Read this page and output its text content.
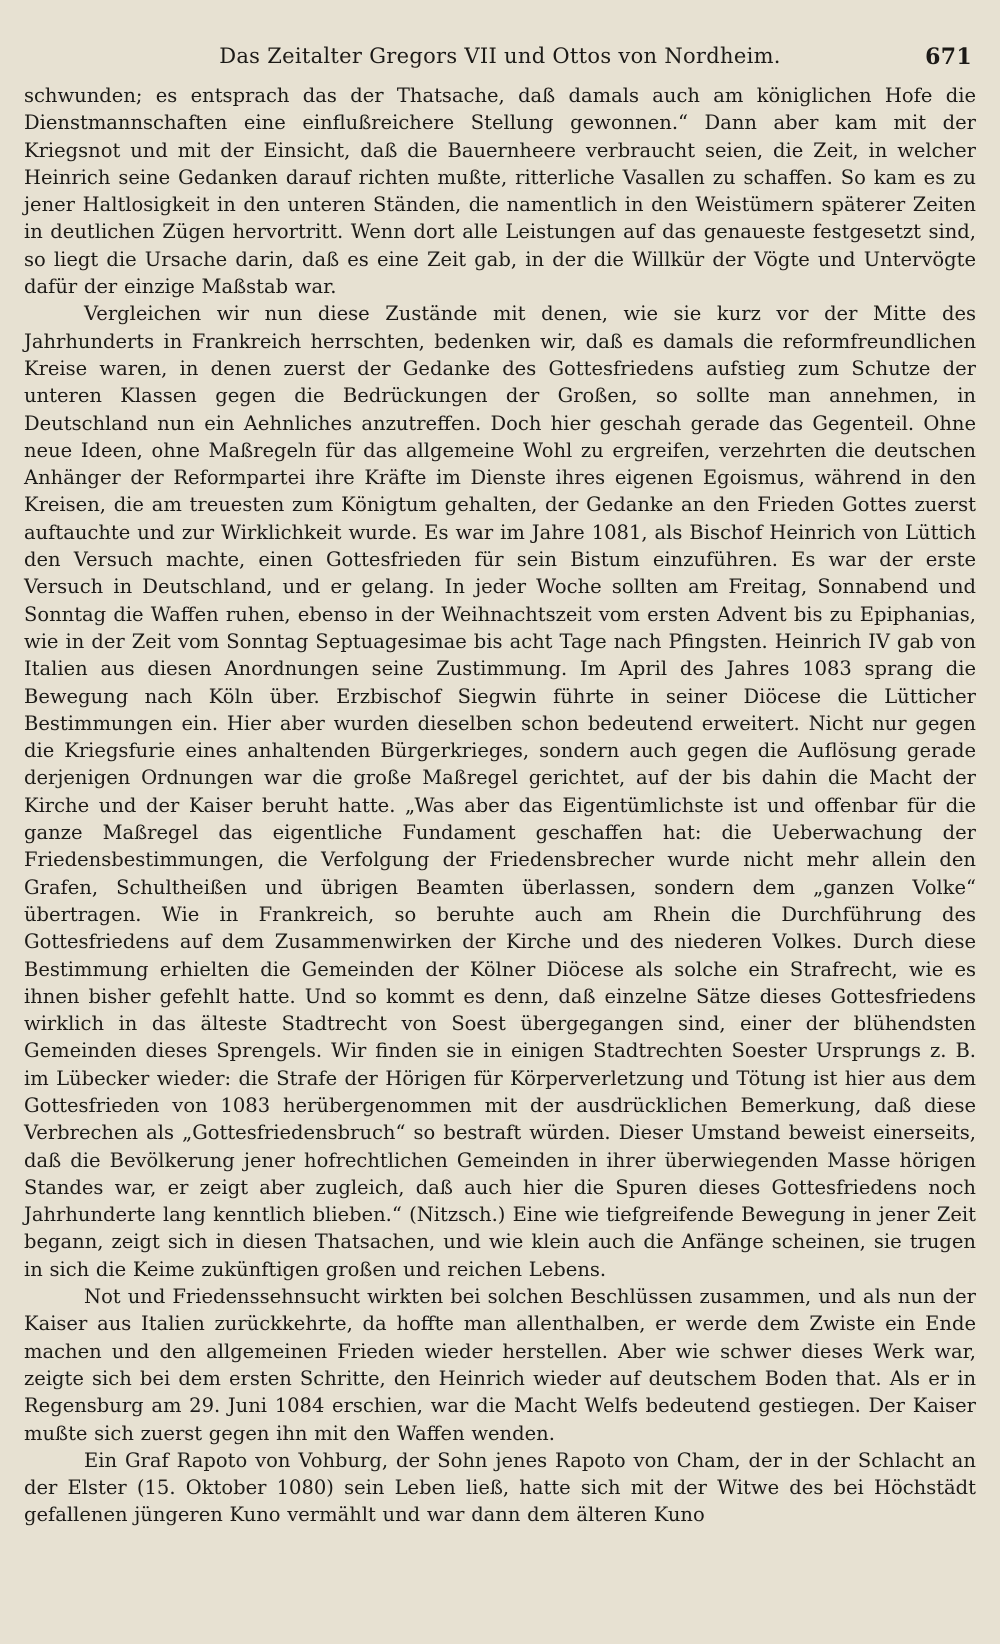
Das Zeitalter Gregors VII und Ottos von Nordheim.	671

schwunden; es entsprach das der Thatsache, daß damals auch am königlichen Hofe die Dienstmannschaften eine einflußreichere Stellung gewonnen.“ Dann aber kam mit der Kriegsnot und mit der Einsicht, daß die Bauernheere verbraucht seien, die Zeit, in welcher Heinrich seine Gedanken darauf richten mußte, ritterliche Vasallen zu schaffen. So kam es zu jener Haltlosigkeit in den unteren Ständen, die namentlich in den Weistümern späterer Zeiten in deutlichen Zügen hervortritt. Wenn dort alle Leistungen auf das genaueste festgesetzt sind, so liegt die Ursache darin, daß es eine Zeit gab, in der die Willkür der Vögte und Untervögte dafür der einzige Maßstab war.

Vergleichen wir nun diese Zustände mit denen, wie sie kurz vor der Mitte des Jahrhunderts in Frankreich herrschten, bedenken wir, daß es damals die reformfreundlichen Kreise waren, in denen zuerst der Gedanke des Gottesfriedens aufstieg zum Schutze der unteren Klassen gegen die Bedrückungen der Großen, so sollte man annehmen, in Deutschland nun ein Aehnliches anzutreffen. Doch hier geschah gerade das Gegenteil. Ohne neue Ideen, ohne Maßregeln für das allgemeine Wohl zu ergreifen, verzehrten die deutschen Anhänger der Reformpartei ihre Kräfte im Dienste ihres eigenen Egoismus, während in den Kreisen, die am treuesten zum Königtum gehalten, der Gedanke an den Frieden Gottes zuerst auftauchte und zur Wirklichkeit wurde. Es war im Jahre 1081, als Bischof Heinrich von Lüttich den Versuch machte, einen Gottesfrieden für sein Bistum einzuführen. Es war der erste Versuch in Deutschland, und er gelang. In jeder Woche sollten am Freitag, Sonnabend und Sonntag die Waffen ruhen, ebenso in der Weihnachtszeit vom ersten Advent bis zu Epiphanias, wie in der Zeit vom Sonntag Septuagesimae bis acht Tage nach Pfingsten. Heinrich IV gab von Italien aus diesen Anordnungen seine Zustimmung. Im April des Jahres 1083 sprang die Bewegung nach Köln über. Erzbischof Siegwin führte in seiner Diöcese die Lütticher Bestimmungen ein. Hier aber wurden dieselben schon bedeutend erweitert. Nicht nur gegen die Kriegsfurie eines anhaltenden Bürgerkrieges, sondern auch gegen die Auflösung gerade derjenigen Ordnungen war die große Maßregel gerichtet, auf der bis dahin die Macht der Kirche und der Kaiser beruht hatte. „Was aber das Eigentümlichste ist und offenbar für die ganze Maßregel das eigentliche Fundament geschaffen hat: die Ueberwachung der Friedensbestimmungen, die Verfolgung der Friedensbrecher wurde nicht mehr allein den Grafen, Schultheißen und übrigen Beamten überlassen, sondern dem „ganzen Volke“ übertragen. Wie in Frankreich, so beruhte auch am Rhein die Durchführung des Gottesfriedens auf dem Zusammenwirken der Kirche und des niederen Volkes. Durch diese Bestimmung erhielten die Gemeinden der Kölner Diöcese als solche ein Strafrecht, wie es ihnen bisher gefehlt hatte. Und so kommt es denn, daß einzelne Sätze dieses Gottesfriedens wirklich in das älteste Stadtrecht von Soest übergegangen sind, einer der blühendsten Gemeinden dieses Sprengels. Wir finden sie in einigen Stadtrechten Soester Ursprungs z. B. im Lübecker wieder: die Strafe der Hörigen für Körperverletzung und Tötung ist hier aus dem Gottesfrieden von 1083 herübergenommen mit der ausdrücklichen Bemerkung, daß diese Verbrechen als „Gottesfriedensbruch“ so bestraft würden. Dieser Umstand beweist einerseits, daß die Bevölkerung jener hofrechtlichen Gemeinden in ihrer überwiegenden Masse hörigen Standes war, er zeigt aber zugleich, daß auch hier die Spuren dieses Gottesfriedens noch Jahrhunderte lang kenntlich blieben.“ (Nitzsch.) Eine wie tiefgreifende Bewegung in jener Zeit begann, zeigt sich in diesen Thatsachen, und wie klein auch die Anfänge scheinen, sie trugen in sich die Keime zukünftigen großen und reichen Lebens.

Not und Friedenssehnsucht wirkten bei solchen Beschlüssen zusammen, und als nun der Kaiser aus Italien zurückkehrte, da hoffte man allenthalben, er werde dem Zwiste ein Ende machen und den allgemeinen Frieden wieder herstellen. Aber wie schwer dieses Werk war, zeigte sich bei dem ersten Schritte, den Heinrich wieder auf deutschem Boden that. Als er in Regensburg am 29. Juni 1084 erschien, war die Macht Welfs bedeutend gestiegen. Der Kaiser mußte sich zuerst gegen ihn mit den Waffen wenden.

Ein Graf Rapoto von Vohburg, der Sohn jenes Rapoto von Cham, der in der Schlacht an der Elster (15. Oktober 1080) sein Leben ließ, hatte sich mit der Witwe des bei Höchstädt gefallenen jüngeren Kuno vermählt und war dann dem älteren Kuno
